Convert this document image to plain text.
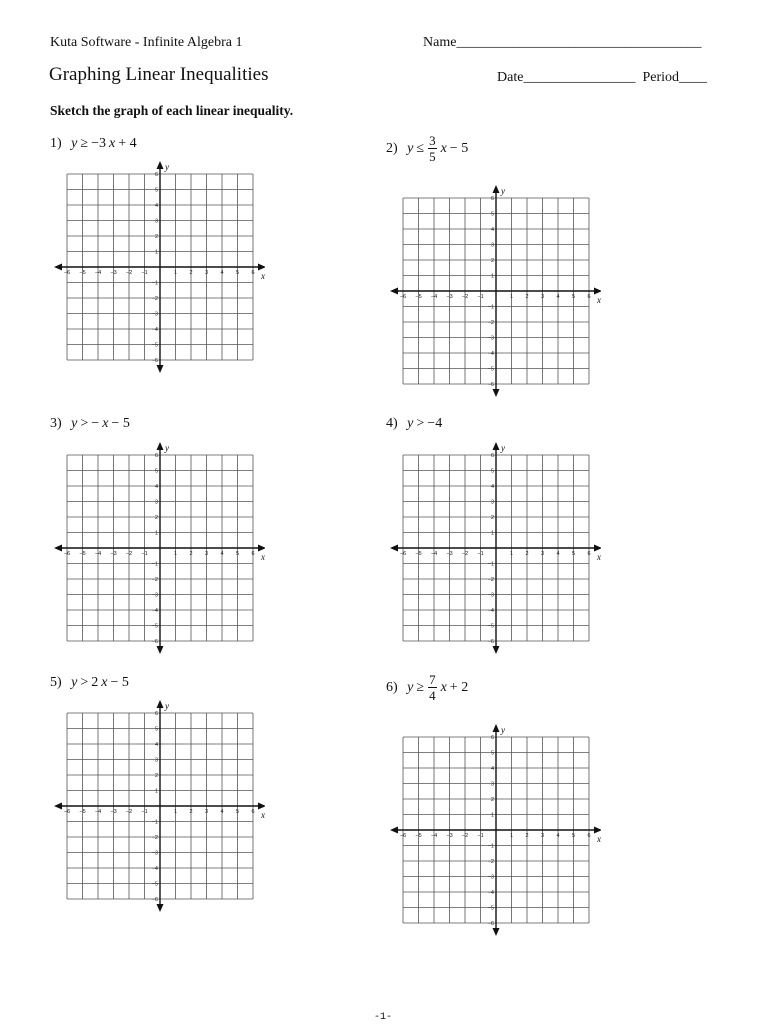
Kuta Software - Infinite Algebra 1	Name___________________________________
Graphing Linear Inequalities	Date________________ Period____
Sketch the graph of each linear inequality.
1)
y ≥ −3 x + 4	2)
$y \le \frac{3}{5}$ x − 5
3)
y > − x − 5	4)
y > −4
5)
y > 2 x − 5	6)
$y \ge \frac{7}{4}$ x + 2
x
y
−6 −5 −4 −3 −2 −1	1 2 3 4 5 6
6
5
4
3
2
1
−1
−2
−3
−4
−5
−6
x
y
−6 −5 −4 −3 −2 −1	1 2 3 4 5 6
6
5
4
3
2
1
−1
−2
−3
−4
−5
−6
x
y
−6 −5 −4 −3 −2 −1	1 2 3 4 5 6
6
5
4
3
2
1
−1
−2
−3
−4
−5
−6
x
y
−6 −5 −4 −3 −2 −1	1 2 3 4 5 6
6
5
4
3
2
1
−1
−2
−3
−4
−5
−6
x
y
−6 −5 −4 −3 −2 −1	1 2 3 4 5 6
6
5
4
3
2
1
−1
−2
−3
−4
−5
−6
x
y
−6 −5 −4 −3 −2 −1	1 2 3 4 5 6
6
5
4
3
2
1
−1
−2
−3
−4
−5
−6
-1-
